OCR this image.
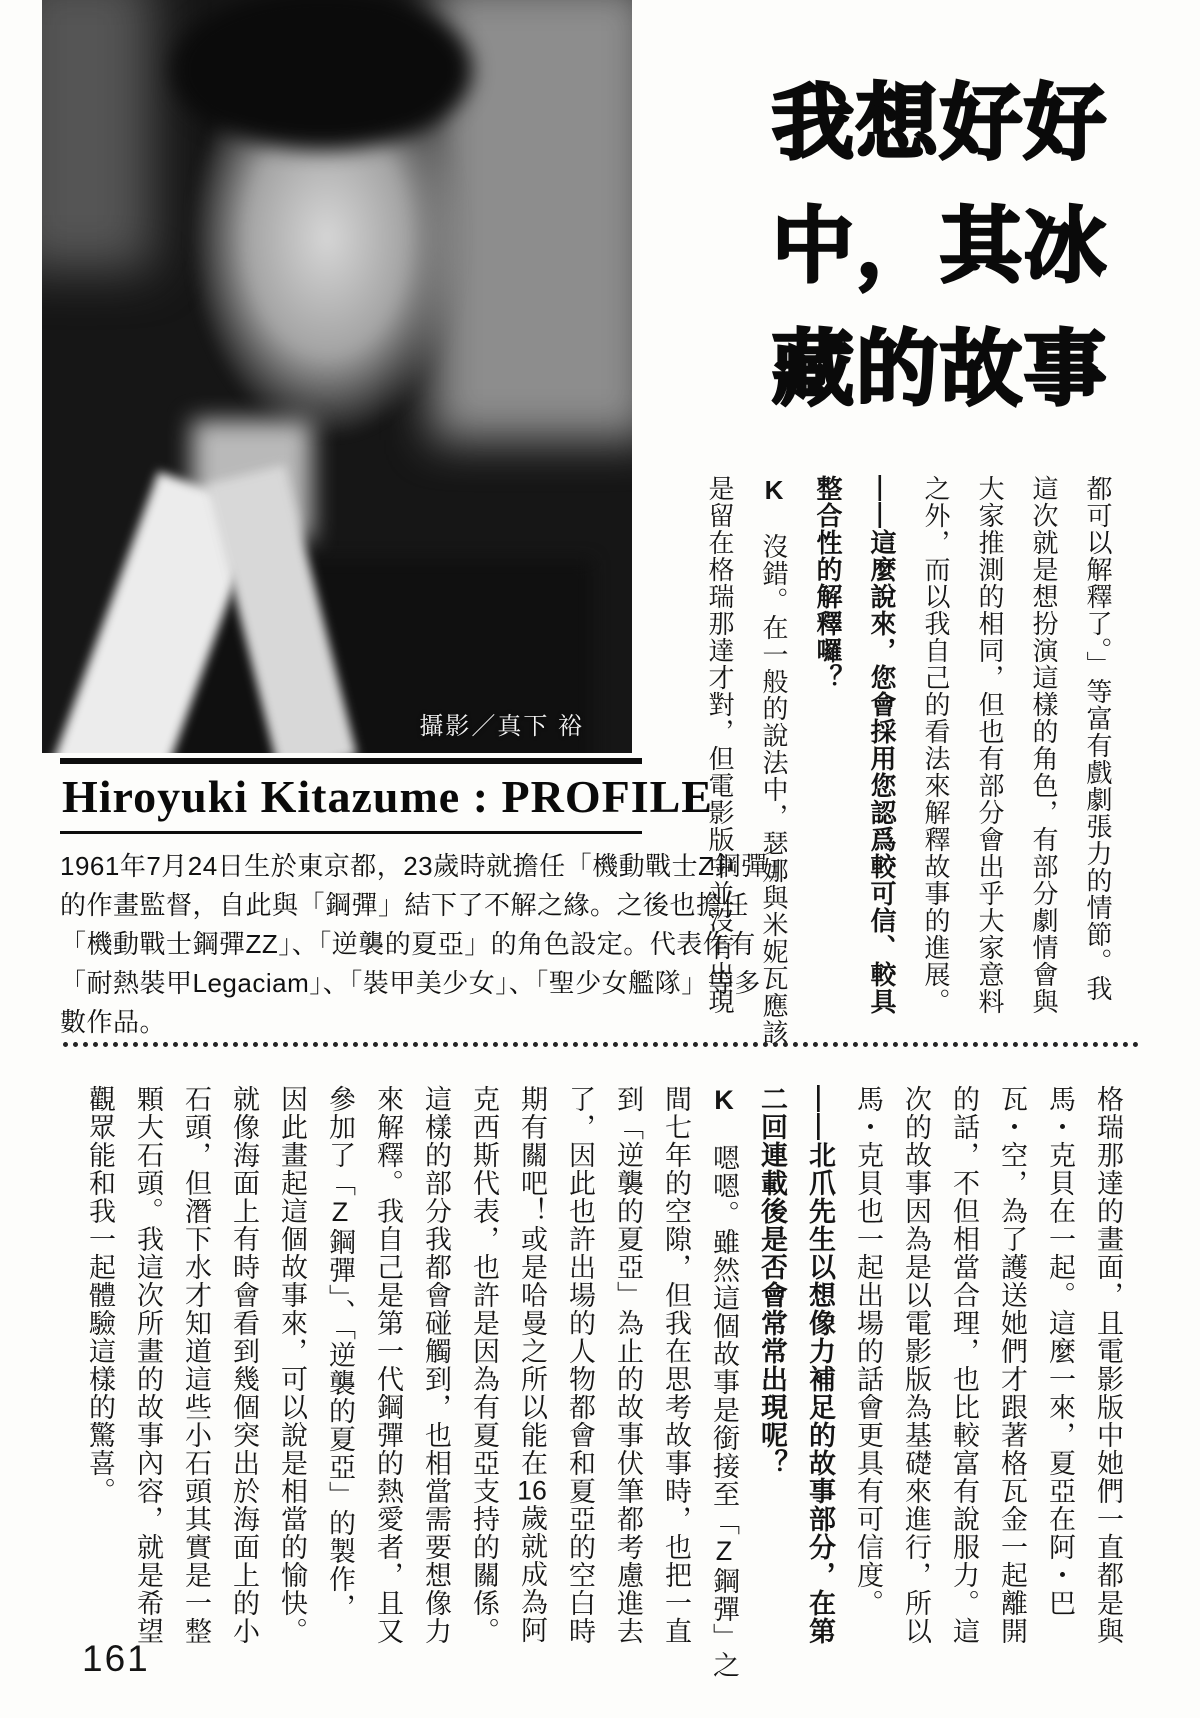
攝影／真下 裕
我想好好
中，其冰
藏的故事

都可以解釋了。」等富有戲劇張力的情節。我

這次就是想扮演這樣的角色，有部分劇情會與

大家推測的相同，但也有部分會出乎大家意料

之外，而以我自己的看法來解釋故事的進展。

——這麼說來，您會採用您認爲較可信、較具

整合性的解釋囉？

K　沒錯。在一般的說法中，瑟娜與米妮瓦應該

是留在格瑞那達才對，但電影版中並沒有出現

Hiroyuki Kitazume : PROFILE
1961年7月24日生於東京都，23歲時就擔任「機動戰士Z鋼彈」
的作畫監督，自此與「鋼彈」結下了不解之緣。之後也擔任
「機動戰士鋼彈ZZ」、「逆襲的夏亞」的角色設定。代表作有
「耐熱裝甲Legaciam」、「裝甲美少女」、「聖少女艦隊」等多
數作品。

格瑞那達的畫面，且電影版中她們一直都是與

馬・克貝在一起。這麼一來，夏亞在阿・巴

瓦・空，為了護送她們才跟著格瓦金一起離開

的話，不但相當合理，也比較富有說服力。這

次的故事因為是以電影版為基礎來進行，所以

馬・克貝也一起出場的話會更具有可信度。

——北爪先生以想像力補足的故事部分，在第

二回連載後是否會常常出現呢？

K　嗯嗯。雖然這個故事是銜接至「Z鋼彈」之

間七年的空隙，但我在思考故事時，也把一直

到「逆襲的夏亞」為止的故事伏筆都考慮進去

了，因此也許出場的人物都會和夏亞的空白時

期有關吧！或是哈曼之所以能在16歲就成為阿

克西斯代表，也許是因為有夏亞支持的關係。

這樣的部分我都會碰觸到，也相當需要想像力

來解釋。我自己是第一代鋼彈的熱愛者，且又

參加了「Z鋼彈」、「逆襲的夏亞」的製作，

因此畫起這個故事來，可以說是相當的愉快。

就像海面上有時會看到幾個突出於海面上的小

石頭，但潛下水才知道這些小石頭其實是一整

顆大石頭。我這次所畫的故事內容，就是希望

觀眾能和我一起體驗這樣的驚喜。

161
